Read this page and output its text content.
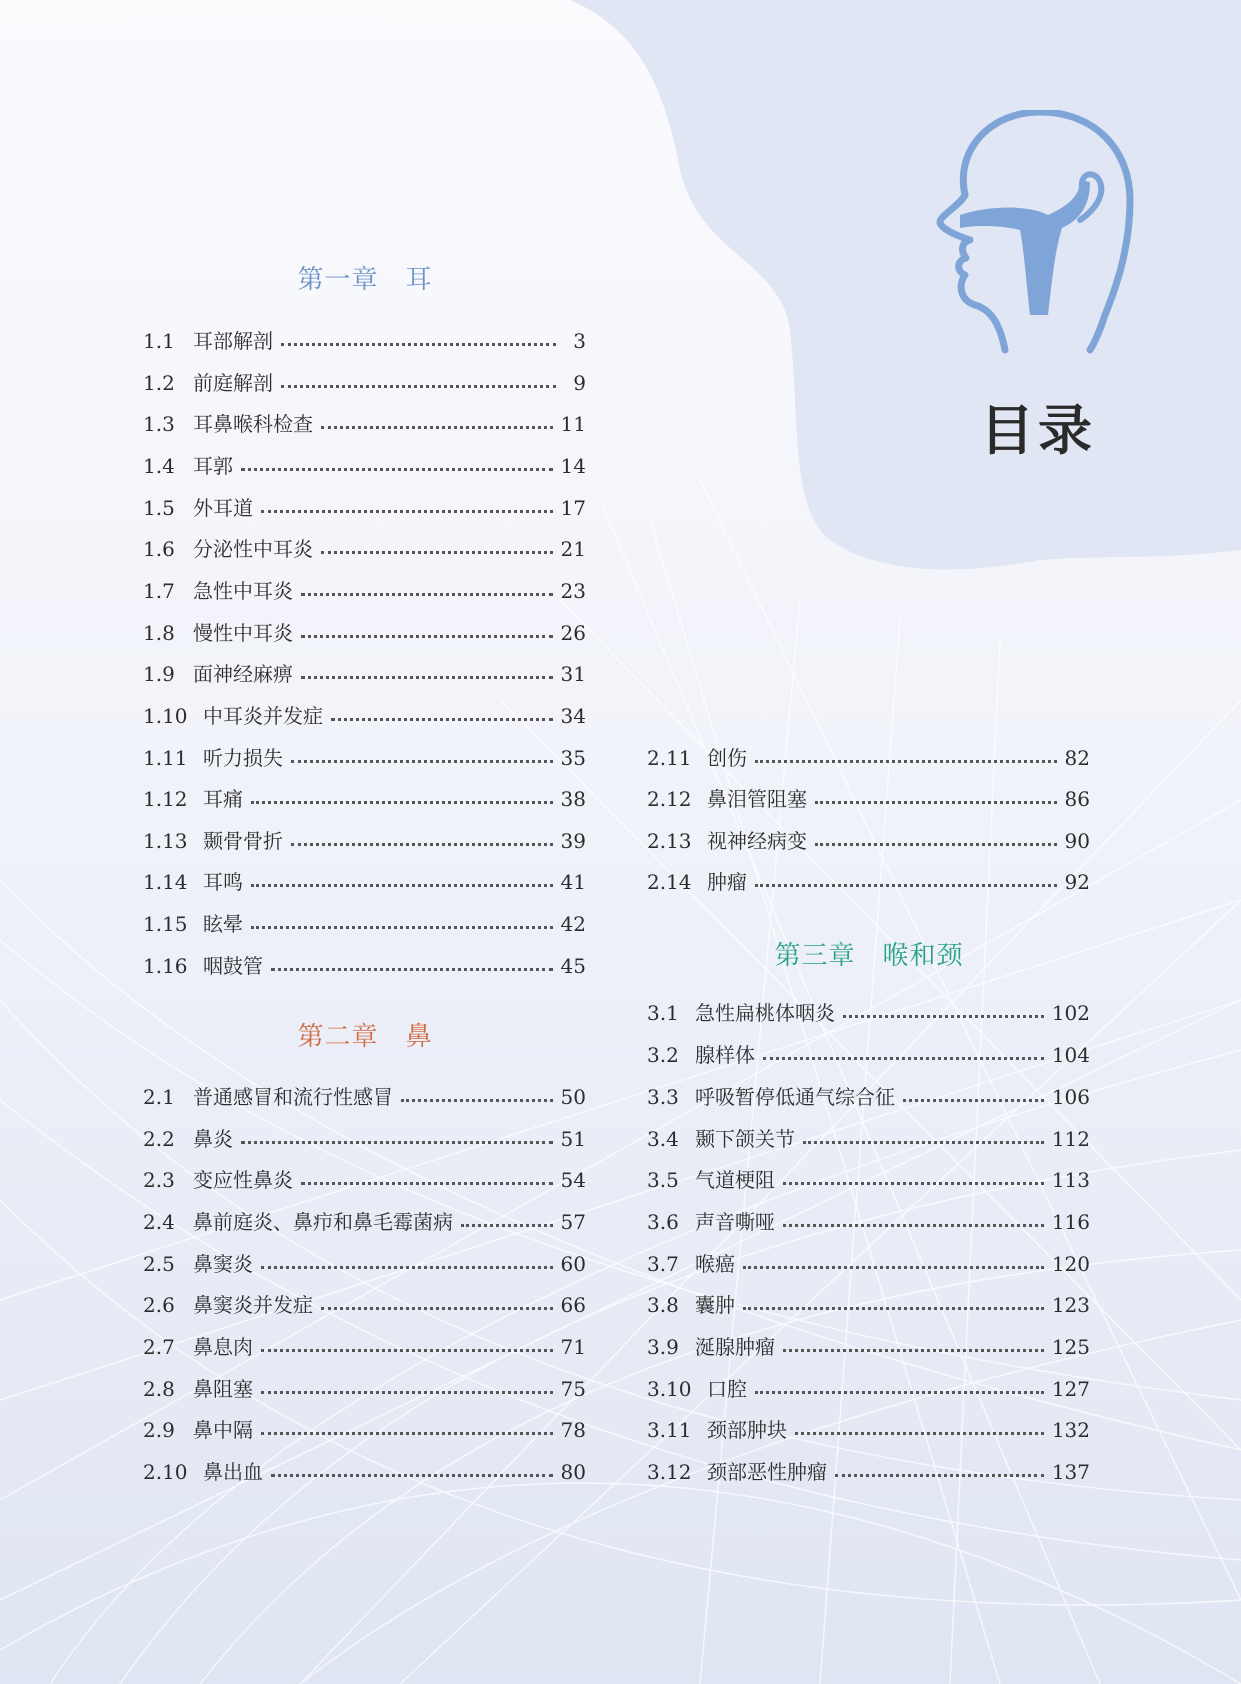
目录
第一章　耳
1.1 耳部解剖	3
1.2 前庭解剖	9
1.3 耳鼻喉科检查	11
1.4 耳郭	14
1.5 外耳道	17
1.6 分泌性中耳炎	21
1.7 急性中耳炎	23
1.8 慢性中耳炎	26
1.9 面神经麻痹	31
1.10 中耳炎并发症	34
1.11 听力损失	35
1.12 耳痛	38
1.13 颞骨骨折	39
1.14 耳鸣	41
1.15 眩晕	42
1.16 咽鼓管	45
第二章　鼻
2.1 普通感冒和流行性感冒	50
2.2 鼻炎	51
2.3 变应性鼻炎	54
2.4 鼻前庭炎、鼻疖和鼻毛霉菌病	57
2.5 鼻窦炎	60
2.6 鼻窦炎并发症	66
2.7 鼻息肉	71
2.8 鼻阻塞	75
2.9 鼻中隔	78
2.10 鼻出血	80
2.11 创伤	82
2.12 鼻泪管阻塞	86
2.13 视神经病变	90
2.14 肿瘤	92
第三章　喉和颈
3.1 急性扁桃体咽炎	102
3.2 腺样体	104
3.3 呼吸暂停低通气综合征	106
3.4 颞下颌关节	112
3.5 气道梗阻	113
3.6 声音嘶哑	116
3.7 喉癌	120
3.8 囊肿	123
3.9 涎腺肿瘤	125
3.10 口腔	127
3.11 颈部肿块	132
3.12 颈部恶性肿瘤	137
